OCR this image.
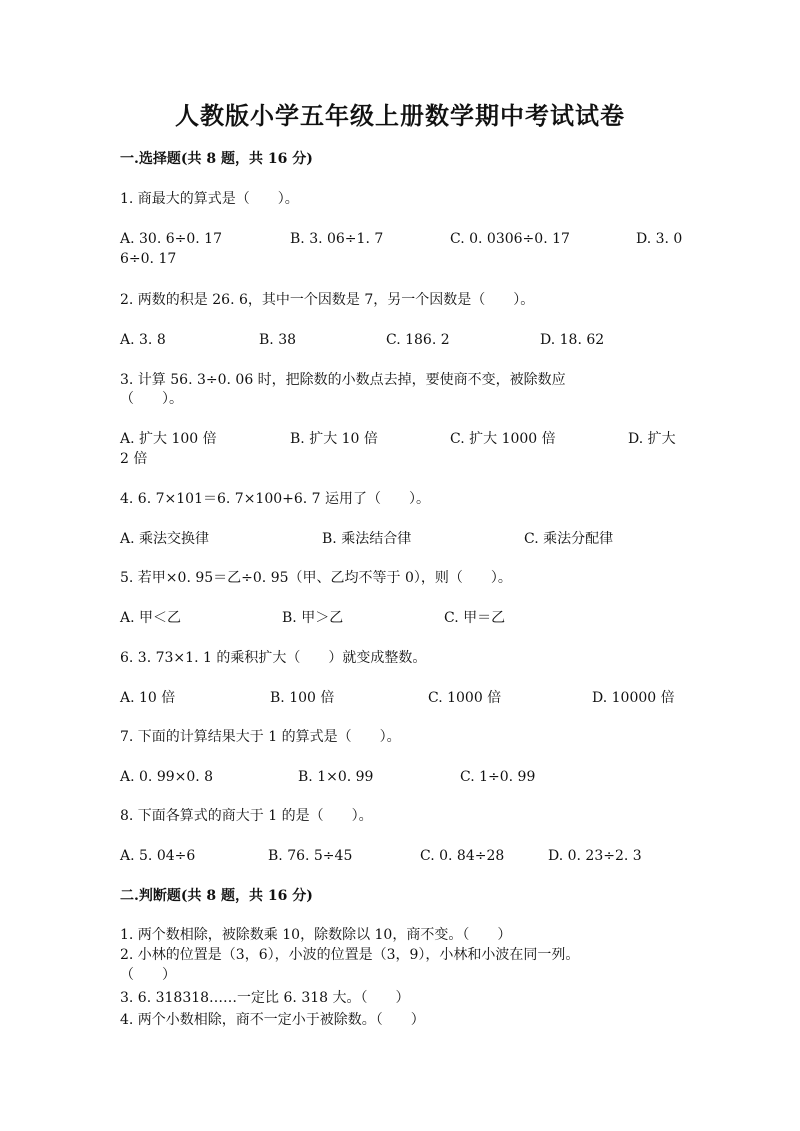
人教版小学五年级上册数学期中考试试卷
一.选择题(共 8 题，共 16 分)
1. 商最大的算式是（　　）。
A. 30. 6÷0. 17	B. 3. 06÷1. 7	C. 0. 0306÷0. 17	D. 3. 0
6÷0. 17
2. 两数的积是 26. 6，其中一个因数是 7，另一个因数是（　　）。
A. 3. 8	B. 38	C. 186. 2	D. 18. 62
3. 计算 56. 3÷0. 06 时，把除数的小数点去掉，要使商不变，被除数应
（　　）。
A. 扩大 100 倍	B. 扩大 10 倍	C. 扩大 1000 倍	D. 扩大
2 倍
4. 6. 7×101＝6. 7×100+6. 7 运用了（　　）。
A. 乘法交换律	B. 乘法结合律	C. 乘法分配律
5. 若甲×0. 95＝乙÷0. 95（甲、乙均不等于 0），则（　　）。
A. 甲＜乙	B. 甲＞乙	C. 甲＝乙
6. 3. 73×1. 1 的乘积扩大（　　）就变成整数。
A. 10 倍	B. 100 倍	C. 1000 倍	D. 10000 倍
7. 下面的计算结果大于 1 的算式是（　　）。
A. 0. 99×0. 8	B. 1×0. 99	C. 1÷0. 99
8. 下面各算式的商大于 1 的是（　　）。
A. 5. 04÷6	B. 76. 5÷45	C. 0. 84÷28	D. 0. 23÷2. 3
二.判断题(共 8 题，共 16 分)
1. 两个数相除，被除数乘 10，除数除以 10，商不变。（　　）
2. 小林的位置是（3，6），小波的位置是（3，9），小林和小波在同一列。
（　　）
3. 6. 318318……一定比 6. 318 大。（　　）
4. 两个小数相除，商不一定小于被除数。（　　）
